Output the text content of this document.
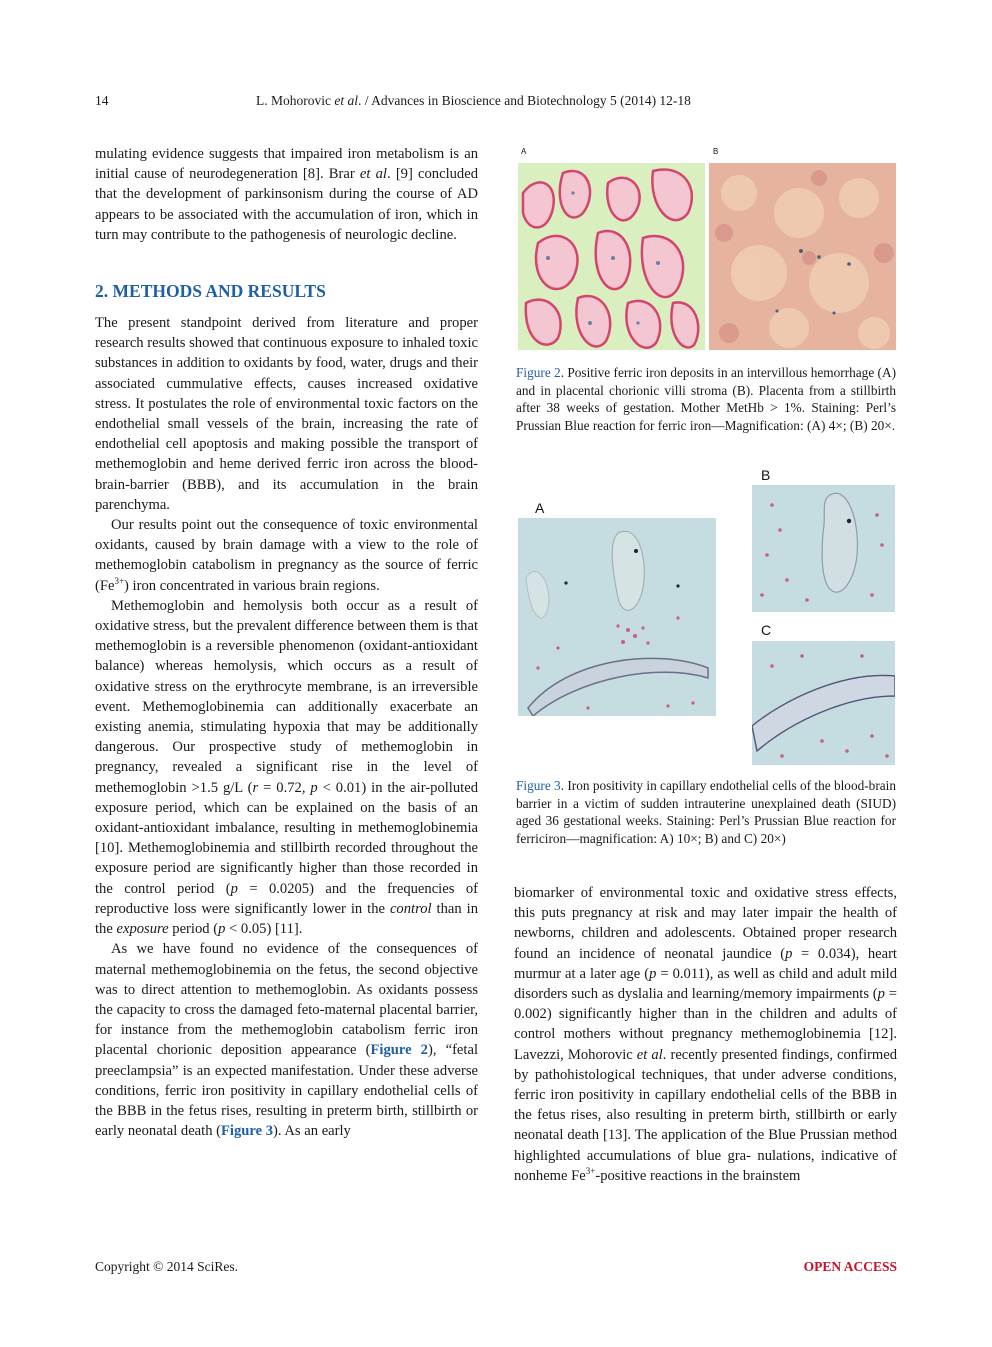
14	L. Mohorovic et al. / Advances in Bioscience and Biotechnology 5 (2014) 12-18

mulating evidence suggests that impaired iron metabolism is an initial cause of neurodegeneration [8]. Brar et al. [9] concluded that the development of parkinsonism during the course of AD appears to be associated with the accumulation of iron, which in turn may contribute to the pathogenesis of neurologic decline.

2. METHODS AND RESULTS

The present standpoint derived from literature and proper research results showed that continuous exposure to inhaled toxic substances in addition to oxidants by food, water, drugs and their associated cummulative effects, causes increased oxidative stress. It postulates the role of environmental toxic factors on the endothelial small vessels of the brain, increasing the rate of endothelial cell apoptosis and making possible the transport of methemoglobin and heme derived ferric iron across the blood-brain-barrier (BBB), and its accumulation in the brain parenchyma.

Our results point out the consequence of toxic environmental oxidants, caused by brain damage with a view to the role of methemoglobin catabolism in pregnancy as the source of ferric $(Fe^{3+})$ iron concentrated in various brain regions.

Methemoglobin and hemolysis both occur as a result of oxidative stress, but the prevalent difference between them is that methemoglobin is a reversible phenomenon (oxidant-antioxidant balance) whereas hemolysis, which occurs as a result of oxidative stress on the erythrocyte membrane, is an irreversible event. Methemoglobinemia can additionally exacerbate an existing anemia, stimulating hypoxia that may be additionally dangerous. Our prospective study of methemoglobin in pregnancy, revealed a significant rise in the level of methemoglobin >1.5 g/L (r = 0.72, p < 0.01) in the air-polluted exposure period, which can be explained on the basis of an oxidant-antioxidant imbalance, resulting in methemoglobinemia [10]. Methemoglobinemia and stillbirth recorded throughout the exposure period are significantly higher than those recorded in the control period (p = 0.0205) and the frequencies of reproductive loss were significantly lower in the control than in the exposure period (p < 0.05) [11].

As we have found no evidence of the consequences of maternal methemoglobinemia on the fetus, the second objective was to direct attention to methemoglobin. As oxidants possess the capacity to cross the damaged feto-maternal placental barrier, for instance from the methemoglobin catabolism ferric iron placental chorionic deposition appearance (Figure 2), “fetal preeclampsia” is an expected manifestation. Under these adverse conditions, ferric iron positivity in capillary endothelial cells of the BBB in the fetus rises, resulting in preterm birth, stillbirth or early neonatal death (Figure 3). As an early

A	B
Figure 2. Positive ferric iron deposits in an intervillous hemorrhage (A) and in placental chorionic villi stroma (B). Placenta from a stillbirth after 38 weeks of gestation. Mother MetHb > 1%. Staining: Perl’s Prussian Blue reaction for ferric iron—Magnification: (A) 4×; (B) 20×.
A
B
C
Figure 3. Iron positivity in capillary endothelial cells of the blood-brain barrier in a victim of sudden intrauterine unexplained death (SIUD) aged 36 gestational weeks. Staining: Perl’s Prussian Blue reaction for ferriciron—magnification: A) 10×; B) and C) 20×)

biomarker of environmental toxic and oxidative stress effects, this puts pregnancy at risk and may later impair the health of newborns, children and adolescents. Obtained proper research found an incidence of neonatal jaundice (p = 0.034), heart murmur at a later age (p = 0.011), as well as child and adult mild disorders such as dyslalia and learning/memory impairments (p = 0.002) significantly higher than in the children and adults of control mothers without pregnancy methemoglobinemia [12]. Lavezzi, Mohorovic et al. recently presented findings, confirmed by pathohistological techniques, that under adverse conditions, ferric iron positivity in capillary endothelial cells of the BBB in the fetus rises, also resulting in preterm birth, stillbirth or early neonatal death [13]. The application of the Blue Prussian method highlighted accumulations of blue gra- nulations, indicative of nonheme $Fe^{3+}$-positive reactions in the brainstem

Copyright © 2014 SciRes.	OPEN ACCESS
